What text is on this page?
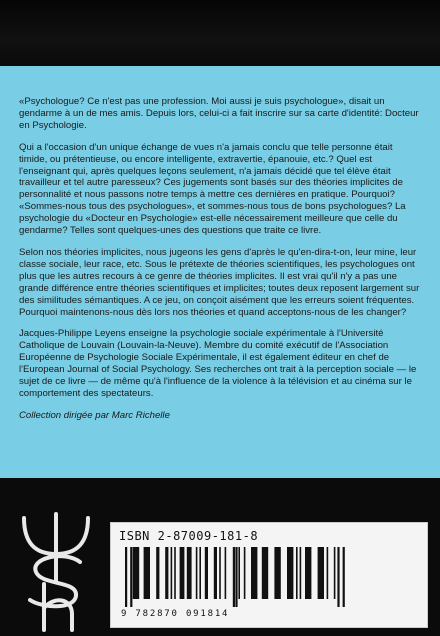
«Psychologue? Ce n'est pas une profession. Moi aussi je suis psychologue», disait un gendarme à un de mes amis. Depuis lors, celui-ci a fait inscrire sur sa carte d'identité: Docteur en Psychologie.

Qui a l'occasion d'un unique échange de vues n'a jamais conclu que telle personne était timide, ou prétentieuse, ou encore intelligente, extravertie, épanouie, etc.? Quel est l'enseignant qui, après quelques leçons seulement, n'a jamais décidé que tel élève était travailleur et tel autre paresseux? Ces jugements sont basés sur des théories implicites de personnalité et nous passons notre temps à mettre ces dernières en pratique. Pourquoi? «Sommes-nous tous des psychologues», et sommes-nous tous de bons psychologues? La psychologie du «Docteur en Psychologie» est-elle nécessairement meilleure que celle du gendarme? Telles sont quelques-unes des questions que traite ce livre.

Selon nos théories implicites, nous jugeons les gens d'après le qu'en-dira-t-on, leur mine, leur classe sociale, leur race, etc. Sous le prétexte de théories scientifiques, les psychologues ont plus que les autres recours à ce genre de théories implicites. Il est vrai qu'il n'y a pas une grande différence entre théories scientifiques et implicites; toutes deux reposent largement sur des similitudes sémantiques. A ce jeu, on conçoit aisément que les erreurs soient fréquentes. Pourquoi maintenons-nous dès lors nos théories et quand acceptons-nous de les changer?

Jacques-Philippe Leyens enseigne la psychologie sociale expérimentale à l'Université Catholique de Louvain (Louvain-la-Neuve). Membre du comité exécutif de l'Association Européenne de Psychologie Sociale Expérimentale, il est également éditeur en chef de l'European Journal of Social Psychology. Ses recherches ont trait à la perception sociale — le sujet de ce livre — de même qu'à l'influence de la violence à la télévision et au cinéma sur le comportement des spectateurs.

Collection dirigée par Marc Richelle

ISBN 2-87009-181-8
9 782870 091814
